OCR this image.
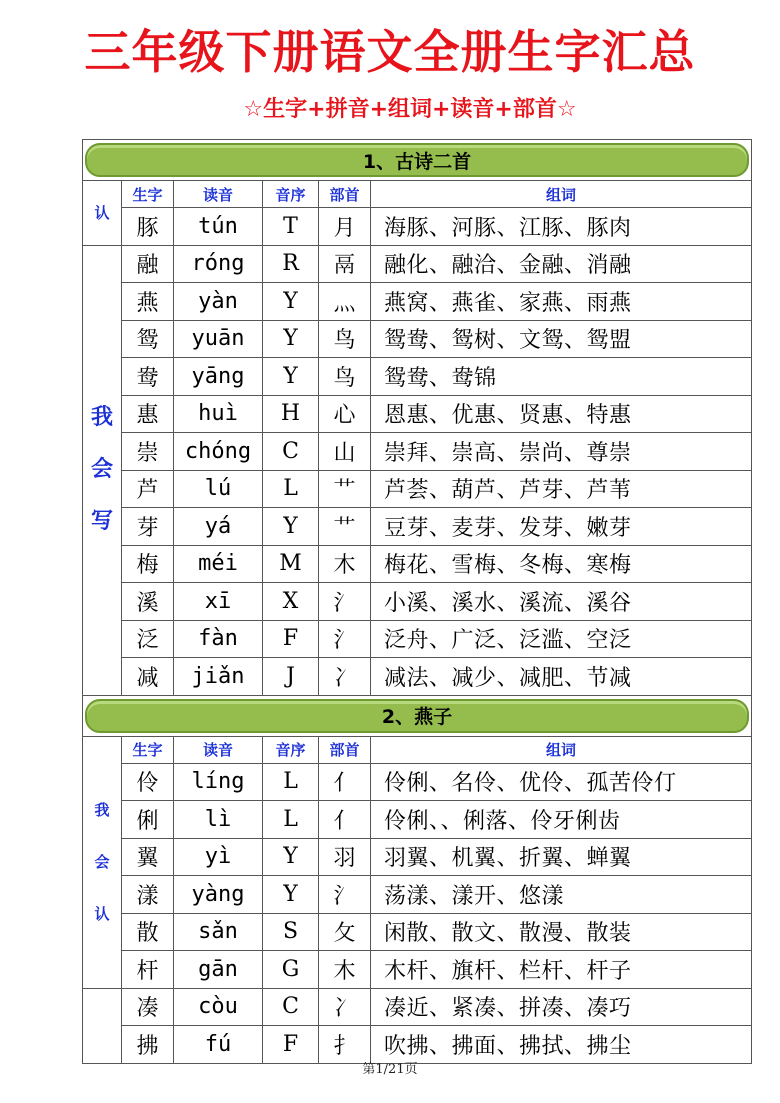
三年级下册语文全册生字汇总
☆生字+拼音+组词+读音+部首☆
1、古诗二首					

认	生字	读音	音序	部首	组词
	豚	tún	T	月	海豚、河豚、江豚、豚肉

我
会
写	融	róng	R	鬲	融化、融洽、金融、消融
	燕	yàn	Y	灬	燕窝、燕雀、家燕、雨燕
	鸳	yuān	Y	鸟	鸳鸯、鸳树、文鸳、鸳盟
	鸯	yāng	Y	鸟	鸳鸯、鸯锦
	惠	huì	H	心	恩惠、优惠、贤惠、特惠
	崇	chóng	C	山	崇拜、崇高、崇尚、尊崇
	芦	lú	L	艹	芦荟、葫芦、芦芽、芦苇
	芽	yá	Y	艹	豆芽、麦芽、发芽、嫩芽
	梅	méi	M	木	梅花、雪梅、冬梅、寒梅
	溪	xī	X	氵	小溪、溪水、溪流、溪谷
	泛	fàn	F	氵	泛舟、广泛、泛滥、空泛
	减	jiǎn	J	冫	减法、减少、减肥、节减

2、燕子					

我
会
认	生字	读音	音序	部首	组词
	伶	líng	L	亻	伶俐、名伶、优伶、孤苦伶仃
	俐	lì	L	亻	伶俐、、俐落、伶牙俐齿
	翼	yì	Y	羽	羽翼、机翼、折翼、蝉翼
	漾	yàng	Y	氵	荡漾、漾开、悠漾
	散	sǎn	S	攵	闲散、散文、散漫、散装
	杆	gān	G	木	木杆、旗杆、栏杆、杆子
	凑	còu	C	冫	凑近、紧凑、拼凑、凑巧
	拂	fú	F	扌	吹拂、拂面、拂拭、拂尘
第1/21页
